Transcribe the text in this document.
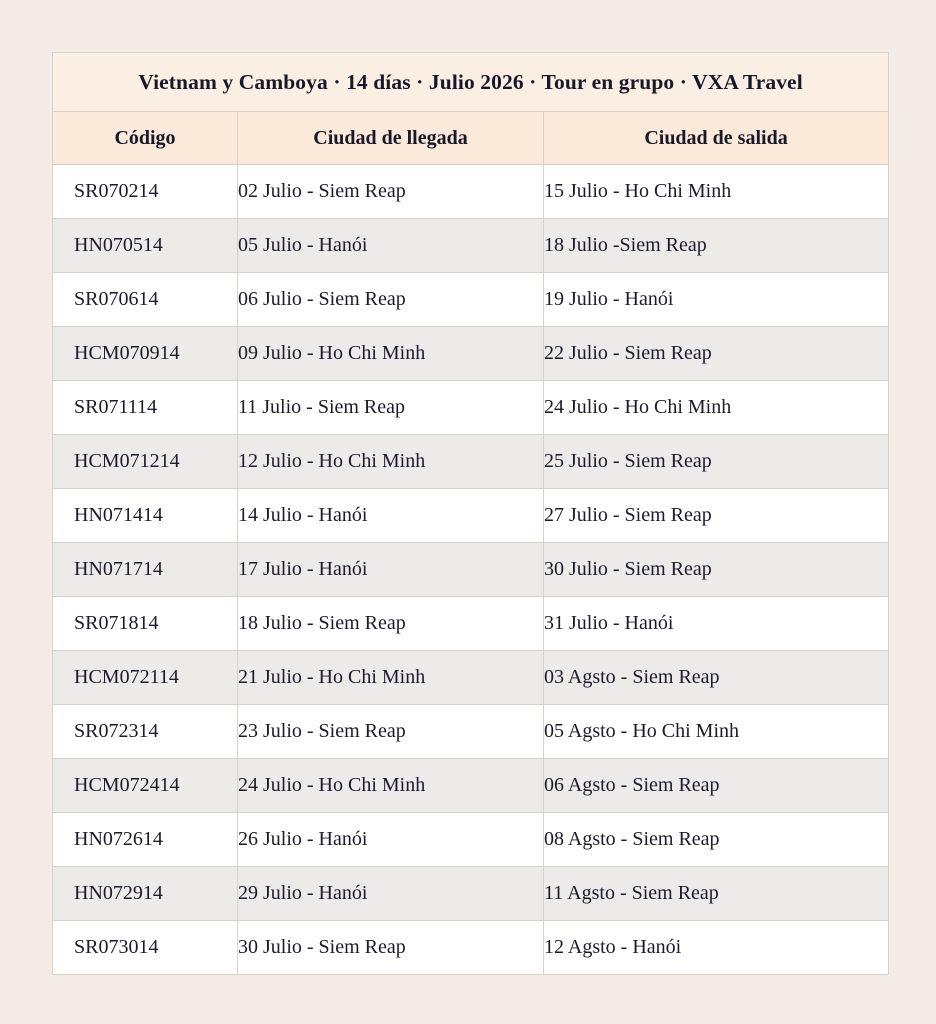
Vietnam y Camboya · 14 días · Julio 2026 · Tour en grupo · VXA Travel		
Código	Ciudad de llegada	Ciudad de salida
SR070214	02 Julio - Siem Reap	15 Julio - Ho Chi Minh
HN070514	05 Julio - Hanói	18 Julio -Siem Reap
SR070614	06 Julio - Siem Reap	19 Julio - Hanói
HCM070914	09 Julio - Ho Chi Minh	22 Julio - Siem Reap
SR071114	11 Julio - Siem Reap	24 Julio - Ho Chi Minh
HCM071214	12 Julio - Ho Chi Minh	25 Julio - Siem Reap
HN071414	14 Julio - Hanói	27 Julio - Siem Reap
HN071714	17 Julio - Hanói	30 Julio - Siem Reap
SR071814	18 Julio - Siem Reap	31 Julio - Hanói
HCM072114	21 Julio - Ho Chi Minh	03 Agsto - Siem Reap
SR072314	23 Julio - Siem Reap	05 Agsto - Ho Chi Minh
HCM072414	24 Julio - Ho Chi Minh	06 Agsto - Siem Reap
HN072614	26 Julio - Hanói	08 Agsto - Siem Reap
HN072914	29 Julio - Hanói	11 Agsto - Siem Reap
SR073014	30 Julio - Siem Reap	12 Agsto - Hanói
